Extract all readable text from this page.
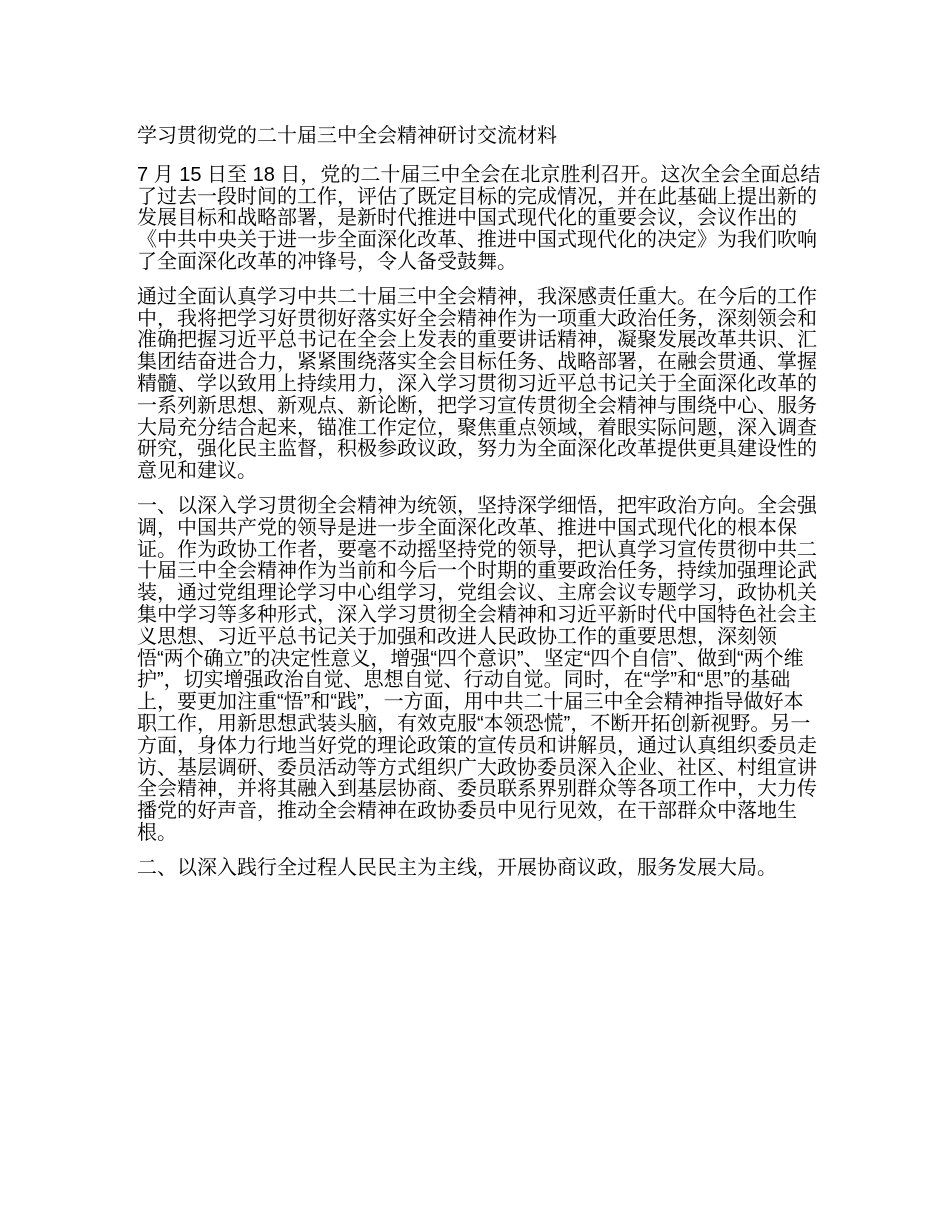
学习贯彻党的二十届三中全会精神研讨交流材料

7 月 15 日至 18 日，党的二十届三中全会在北京胜利召开。这次全会全面总结了过去一段时间的工作，评估了既定目标的完成情况，并在此基础上提出新的发展目标和战略部署，是新时代推进中国式现代化的重要会议，会议作出的《中共中央关于进一步全面深化改革、推进中国式现代化的决定》为我们吹响了全面深化改革的冲锋号，令人备受鼓舞。

通过全面认真学习中共二十届三中全会精神，我深感责任重大。在今后的工作中，我将把学习好贯彻好落实好全会精神作为一项重大政治任务，深刻领会和准确把握习近平总书记在全会上发表的重要讲话精神，凝聚发展改革共识、汇集团结奋进合力，紧紧围绕落实全会目标任务、战略部署，在融会贯通、掌握精髓、学以致用上持续用力，深入学习贯彻习近平总书记关于全面深化改革的一系列新思想、新观点、新论断，把学习宣传贯彻全会精神与围绕中心、服务大局充分结合起来，锚准工作定位，聚焦重点领域，着眼实际问题，深入调查研究，强化民主监督，积极参政议政，努力为全面深化改革提供更具建设性的意见和建议。

一、以深入学习贯彻全会精神为统领，坚持深学细悟，把牢政治方向。全会强调，中国共产党的领导是进一步全面深化改革、推进中国式现代化的根本保证。作为政协工作者，要毫不动摇坚持党的领导，把认真学习宣传贯彻中共二十届三中全会精神作为当前和今后一个时期的重要政治任务，持续加强理论武装，通过党组理论学习中心组学习，党组会议、主席会议专题学习，政协机关集中学习等多种形式，深入学习贯彻全会精神和习近平新时代中国特色社会主义思想、习近平总书记关于加强和改进人民政协工作的重要思想，深刻领悟“两个确立”的决定性意义，增强“四个意识”、坚定“四个自信”、做到“两个维护”，切实增强政治自觉、思想自觉、行动自觉。同时，在“学”和“思”的基础上，要更加注重“悟”和“践”，一方面，用中共二十届三中全会精神指导做好本职工作，用新思想武装头脑，有效克服“本领恐慌”，不断开拓创新视野。另一方面，身体力行地当好党的理论政策的宣传员和讲解员，通过认真组织委员走访、基层调研、委员活动等方式组织广大政协委员深入企业、社区、村组宣讲全会精神，并将其融入到基层协商、委员联系界别群众等各项工作中，大力传播党的好声音，推动全会精神在政协委员中见行见效，在干部群众中落地生根。

二、以深入践行全过程人民民主为主线，开展协商议政，服务发展大局。
